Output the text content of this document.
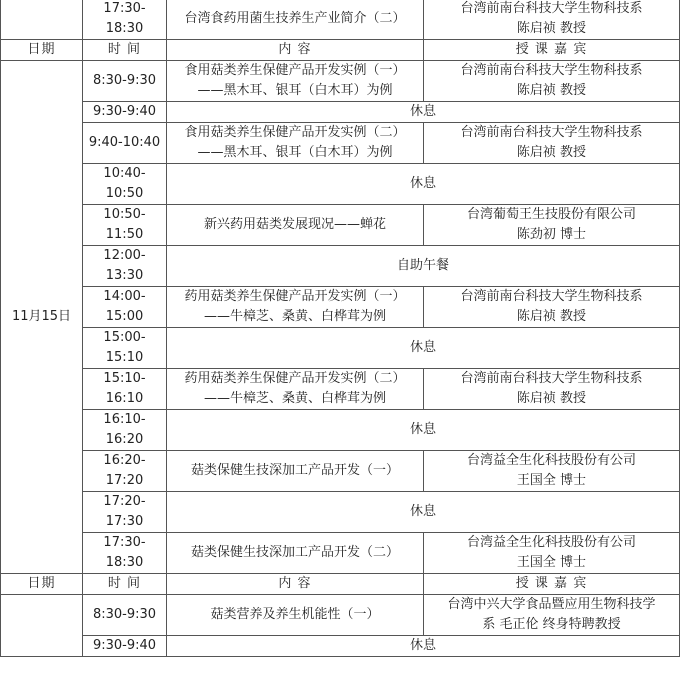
	17:30-
18:30	台湾食药用菌生技养生产业简介（二）	台湾前南台科技大学生物科技系
陈启祯 教授

日期	时 间	内 容	授 课 嘉 宾
11月15日	8:30-9:30	食用菇类养生保健产品开发实例（一）
——黑木耳、银耳（白木耳）为例	台湾前南台科技大学生物科技系
陈启祯 教授

	9:30-9:40	休息	

	9:40-10:40	食用菇类养生保健产品开发实例（二）
——黑木耳、银耳（白木耳）为例	台湾前南台科技大学生物科技系
陈启祯 教授

	10:40-
10:50	休息	

	10:50-
11:50	新兴药用菇类发展现况——蝉花	台湾葡萄王生技股份有限公司
陈劲初 博士

	12:00-
13:30	自助午餐	

	14:00-
15:00	药用菇类养生保健产品开发实例（一）
——牛樟芝、桑黄、白桦茸为例	台湾前南台科技大学生物科技系
陈启祯 教授

	15:00-
15:10	休息	

	15:10-
16:10	药用菇类养生保健产品开发实例（二）
——牛樟芝、桑黄、白桦茸为例	台湾前南台科技大学生物科技系
陈启祯 教授

	16:10-
16:20	休息	

	16:20-
17:20	菇类保健生技深加工产品开发（一）	台湾益全生化科技股份有公司
王国全 博士

	17:20-
17:30	休息	

	17:30-
18:30	菇类保健生技深加工产品开发（二）	台湾益全生化科技股份有公司
王国全 博士

日期	时 间	内 容	授 课 嘉 宾

	8:30-9:30	菇类营养及养生机能性（一）	台湾中兴大学食品暨应用生物科技学
系 毛正伦 终身特聘教授

	9:30-9:40	休息	
